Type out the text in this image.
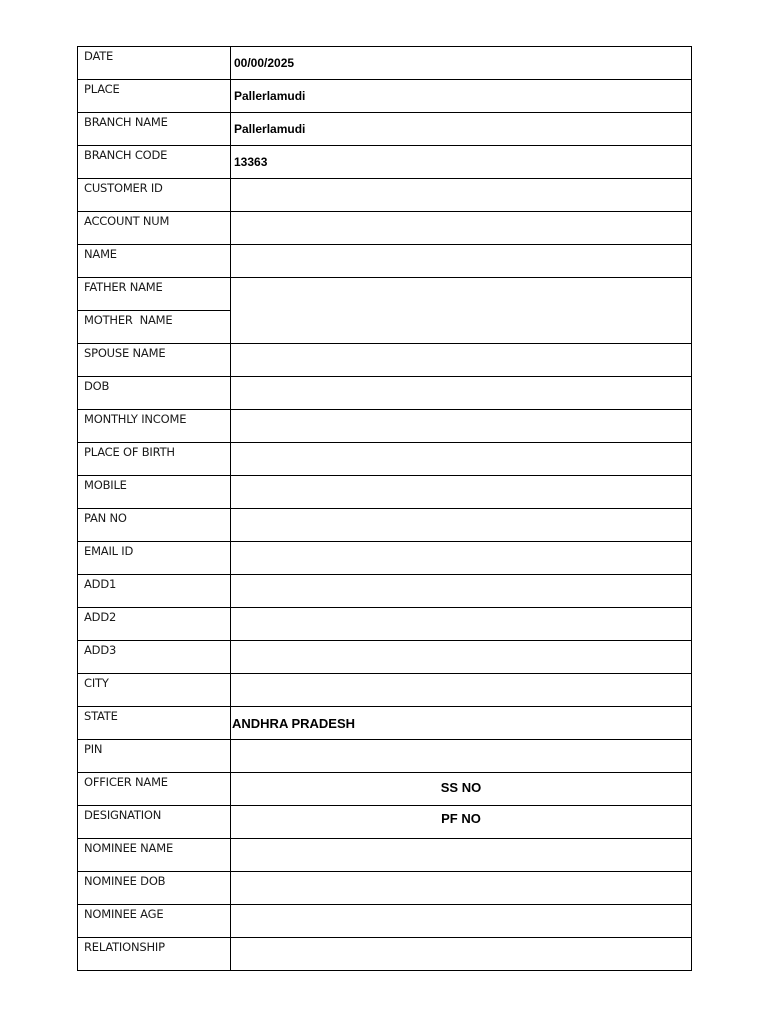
DATE	00/00/2025

PLACE	Pallerlamudi

BRANCH NAME	Pallerlamudi

BRANCH CODE	13363

CUSTOMER ID	

ACCOUNT NUM	

NAME	

FATHER NAME	

MOTHER  NAME	

SPOUSE NAME	

DOB	

MONTHLY INCOME	

PLACE OF BIRTH	

MOBILE	

PAN NO	

EMAIL ID	

ADD1	

ADD2	

ADD3	

CITY	

STATE	ANDHRA PRADESH

PIN	

OFFICER NAME	SS NO

DESIGNATION	PF NO

NOMINEE NAME	

NOMINEE DOB	

NOMINEE AGE	

RELATIONSHIP	
